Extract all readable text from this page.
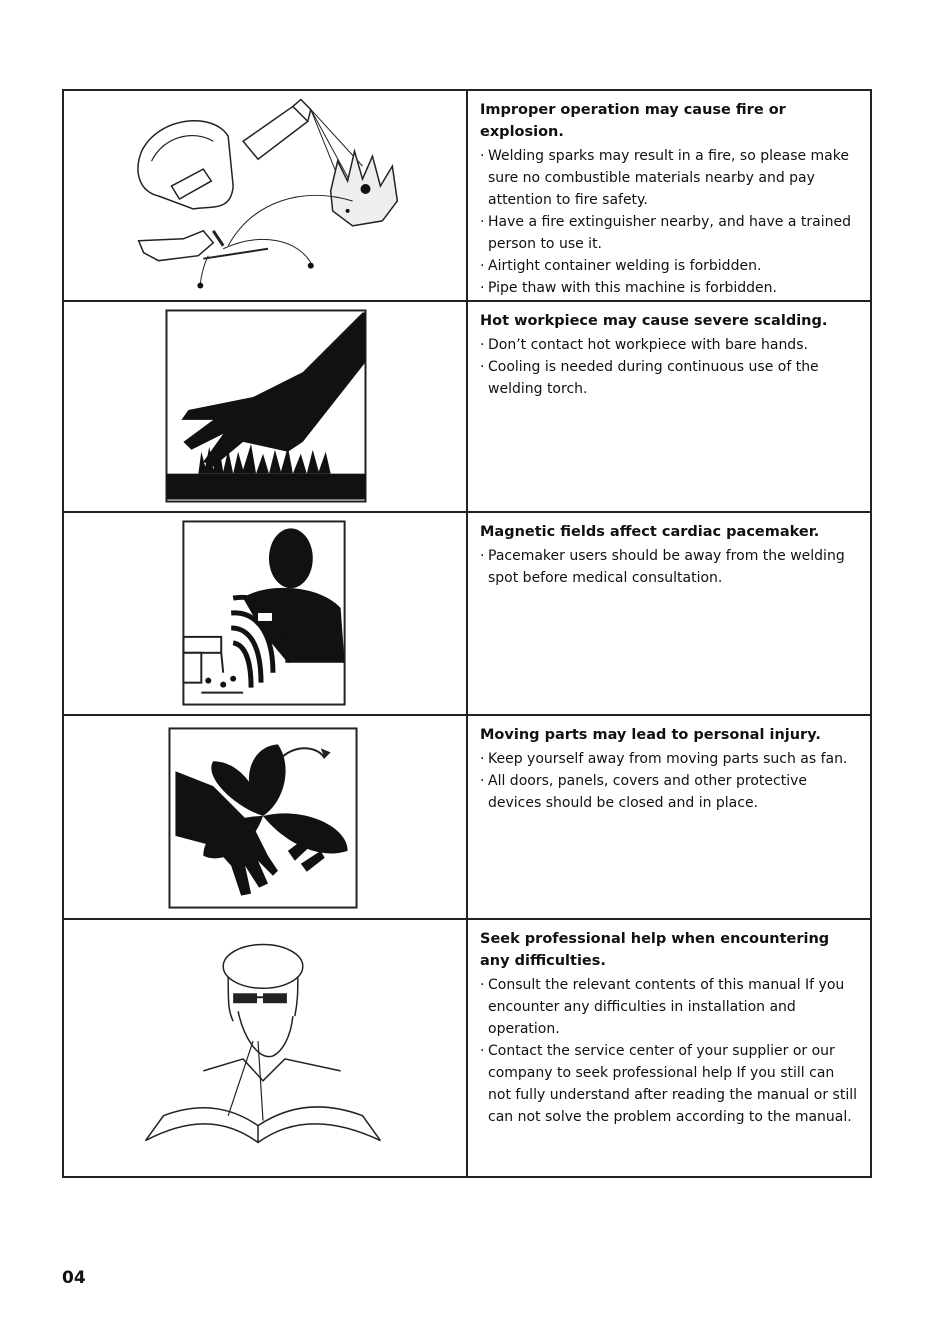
Improper operation may cause fire or explosion.

· Welding sparks may result in a fire, so please make sure no combustible materials nearby and pay attention to fire safety.

· Have a fire extinguisher nearby, and have a trained person to use it.

· Airtight container welding is forbidden.

· Pipe thaw with this machine is forbidden.

Hot workpiece may cause severe scalding.

· Don’t contact hot workpiece with bare hands.

· Cooling is needed during continuous use of the welding torch.

Magnetic fields affect cardiac pacemaker.

· Pacemaker users should be away from the welding spot before medical consultation.

Moving parts may lead to personal injury.

· Keep yourself away from moving parts such as fan.

· All doors, panels, covers and other protective devices should be closed and in place.

Seek professional help when encountering any difficulties.

· Consult the relevant contents of this manual If you encounter any difficulties in installation and operation.

· Contact the service center of your supplier or our company to seek professional help If you still can not fully understand after reading the manual or still can not solve the problem according to the manual.

04
